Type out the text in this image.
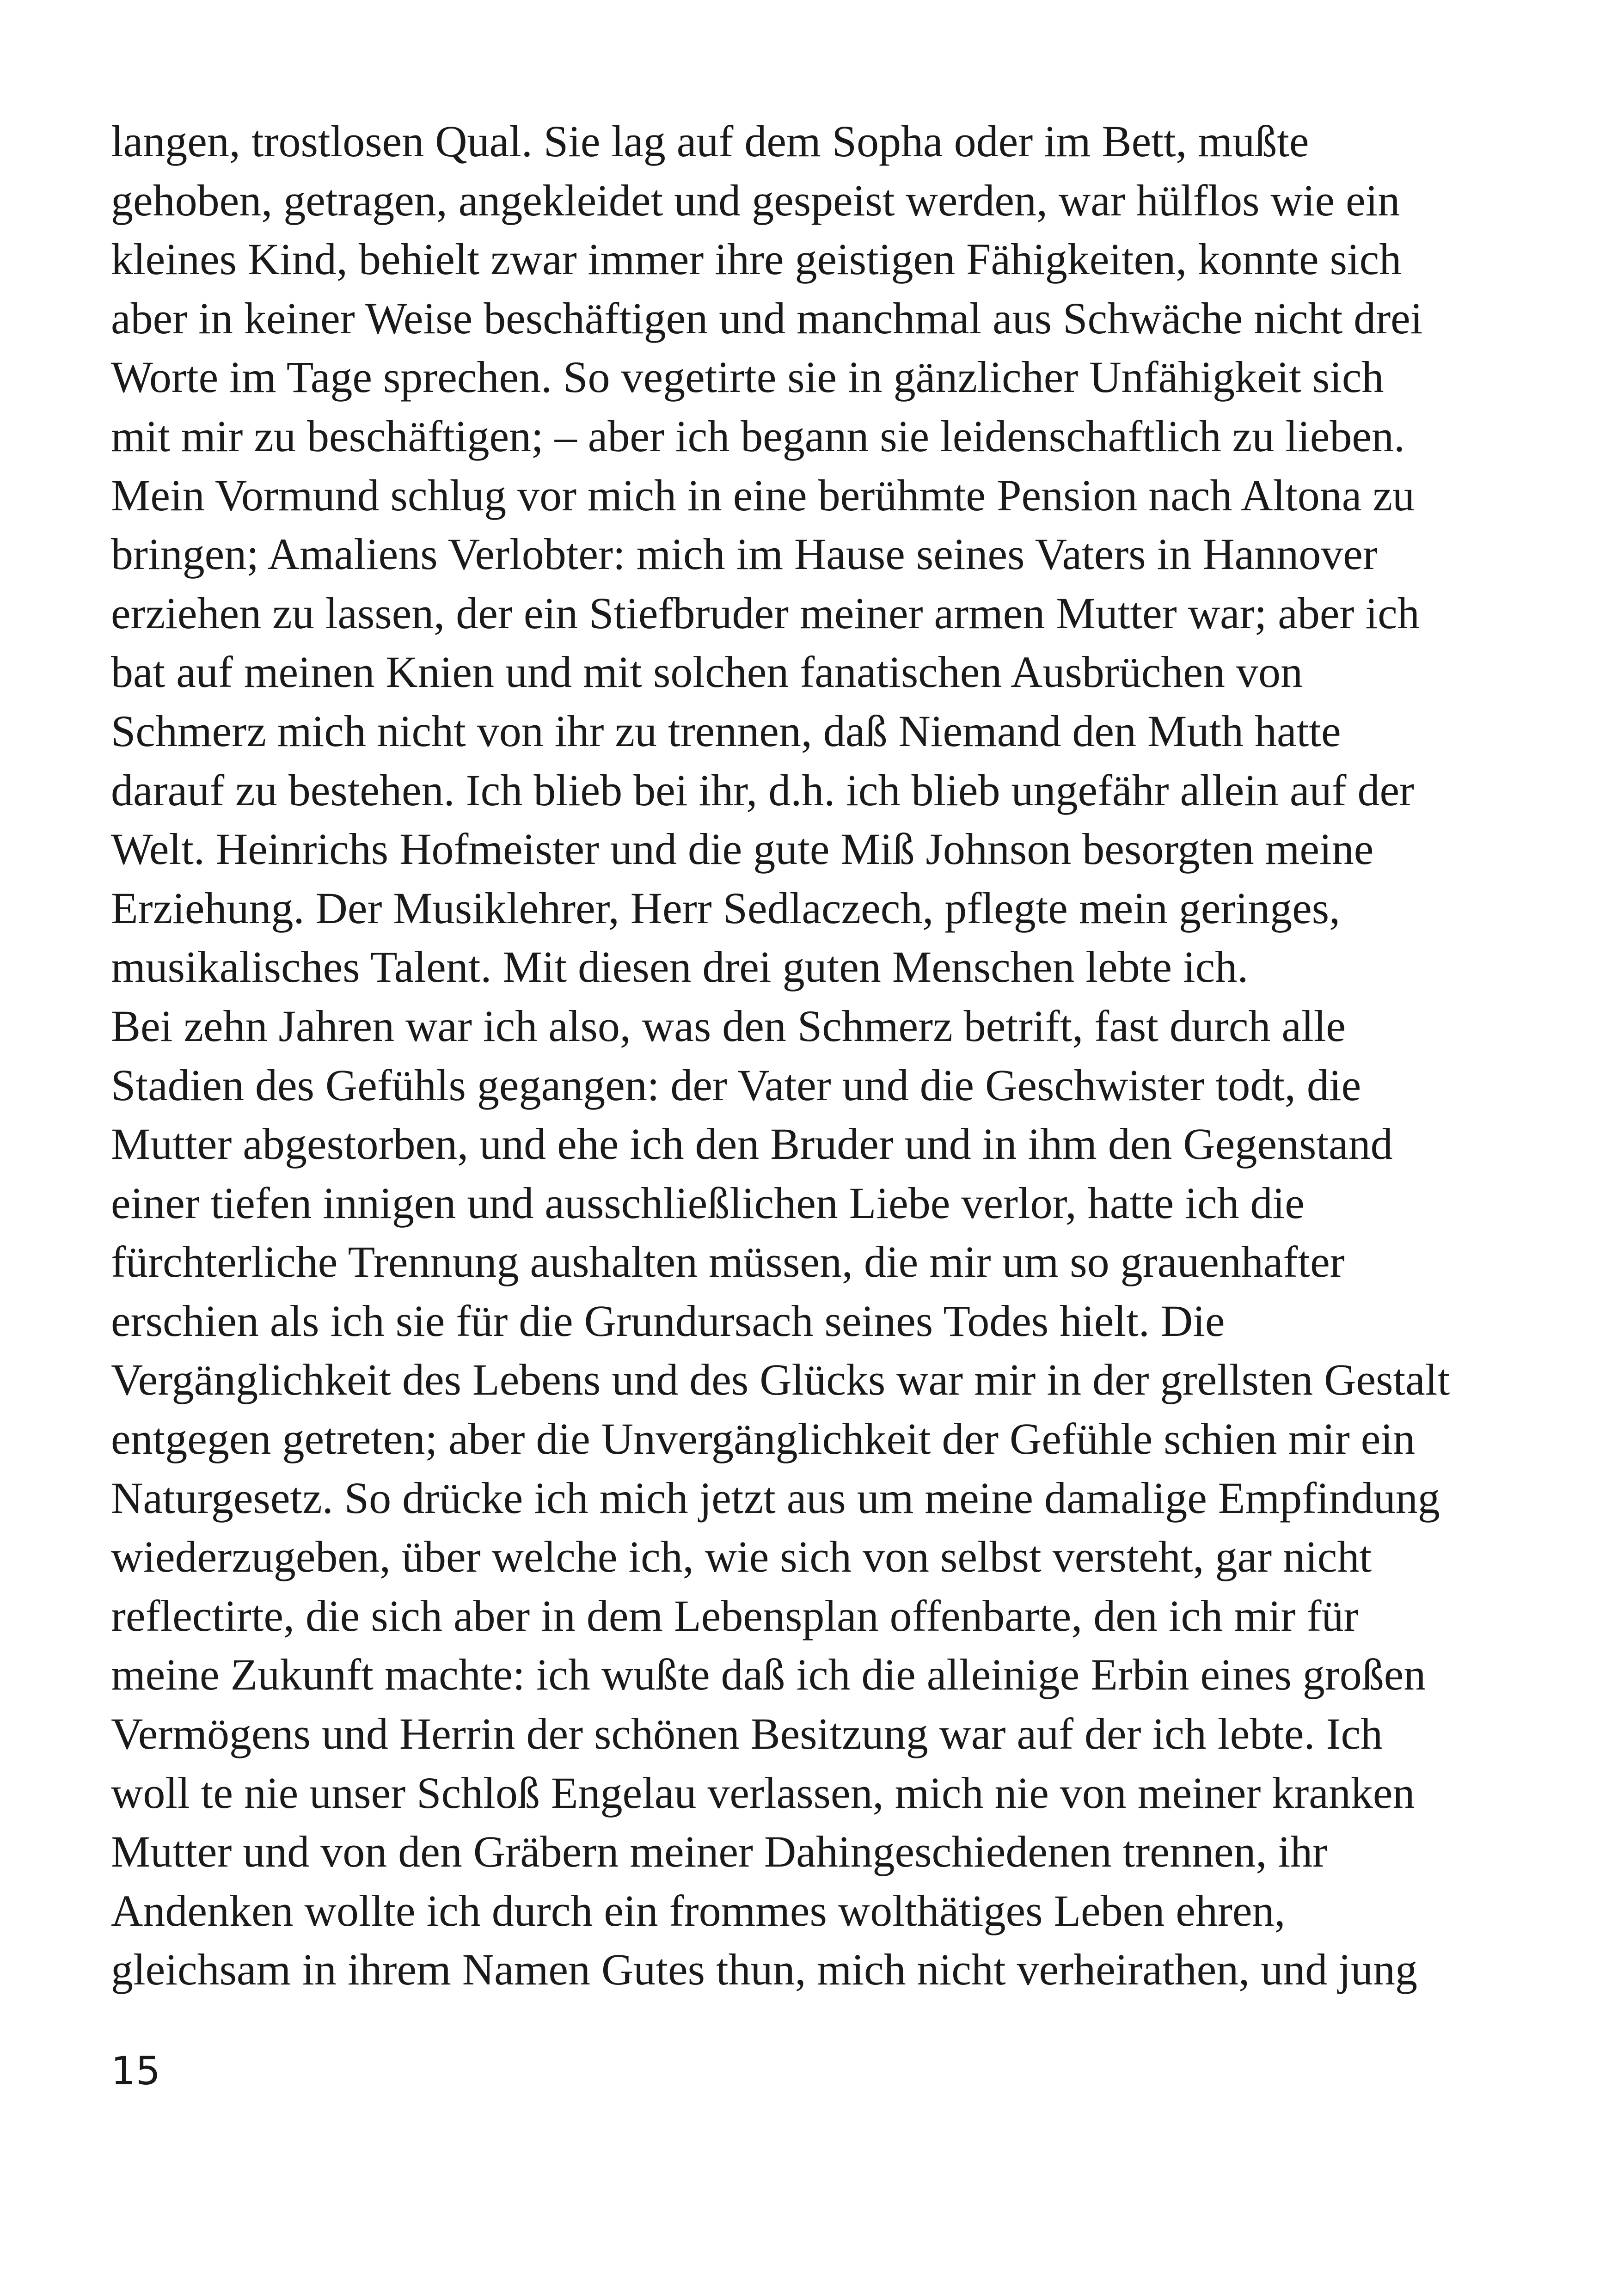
langen, trostlosen Qual. Sie lag auf dem Sopha oder im Bett, mußte
gehoben, getragen, angekleidet und gespeist werden, war hülflos wie ein
kleines Kind, behielt zwar immer ihre geistigen Fähigkeiten, konnte sich
aber in keiner Weise beschäftigen und manchmal aus Schwäche nicht drei
Worte im Tage sprechen. So vegetirte sie in gänzlicher Unfähigkeit sich
mit mir zu beschäftigen; – aber ich begann sie leidenschaftlich zu lieben.
Mein Vormund schlug vor mich in eine berühmte Pension nach Altona zu
bringen; Amaliens Verlobter: mich im Hause seines Vaters in Hannover
erziehen zu lassen, der ein Stiefbruder meiner armen Mutter war; aber ich
bat auf meinen Knien und mit solchen fanatischen Ausbrüchen von
Schmerz mich nicht von ihr zu trennen, daß Niemand den Muth hatte
darauf zu bestehen. Ich blieb bei ihr, d.h. ich blieb ungefähr allein auf der
Welt. Heinrichs Hofmeister und die gute Miß Johnson besorgten meine
Erziehung. Der Musiklehrer, Herr Sedlaczech, pflegte mein geringes,
musikalisches Talent. Mit diesen drei guten Menschen lebte ich.
Bei zehn Jahren war ich also, was den Schmerz betrift, fast durch alle
Stadien des Gefühls gegangen: der Vater und die Geschwister todt, die
Mutter abgestorben, und ehe ich den Bruder und in ihm den Gegenstand
einer tiefen innigen und ausschließlichen Liebe verlor, hatte ich die
fürchterliche Trennung aushalten müssen, die mir um so grauenhafter
erschien als ich sie für die Grundursach seines Todes hielt. Die
Vergänglichkeit des Lebens und des Glücks war mir in der grellsten Gestalt
entgegen getreten; aber die Unvergänglichkeit der Gefühle schien mir ein
Naturgesetz. So drücke ich mich jetzt aus um meine damalige Empfindung
wiederzugeben, über welche ich, wie sich von selbst versteht, gar nicht
reflectirte, die sich aber in dem Lebensplan offenbarte, den ich mir für
meine Zukunft machte: ich wußte daß ich die alleinige Erbin eines großen
Vermögens und Herrin der schönen Besitzung war auf der ich lebte. Ich
woll te nie unser Schloß Engelau verlassen, mich nie von meiner kranken
Mutter und von den Gräbern meiner Dahingeschiedenen trennen, ihr
Andenken wollte ich durch ein frommes wolthätiges Leben ehren,
gleichsam in ihrem Namen Gutes thun, mich nicht verheirathen, und jung

15
